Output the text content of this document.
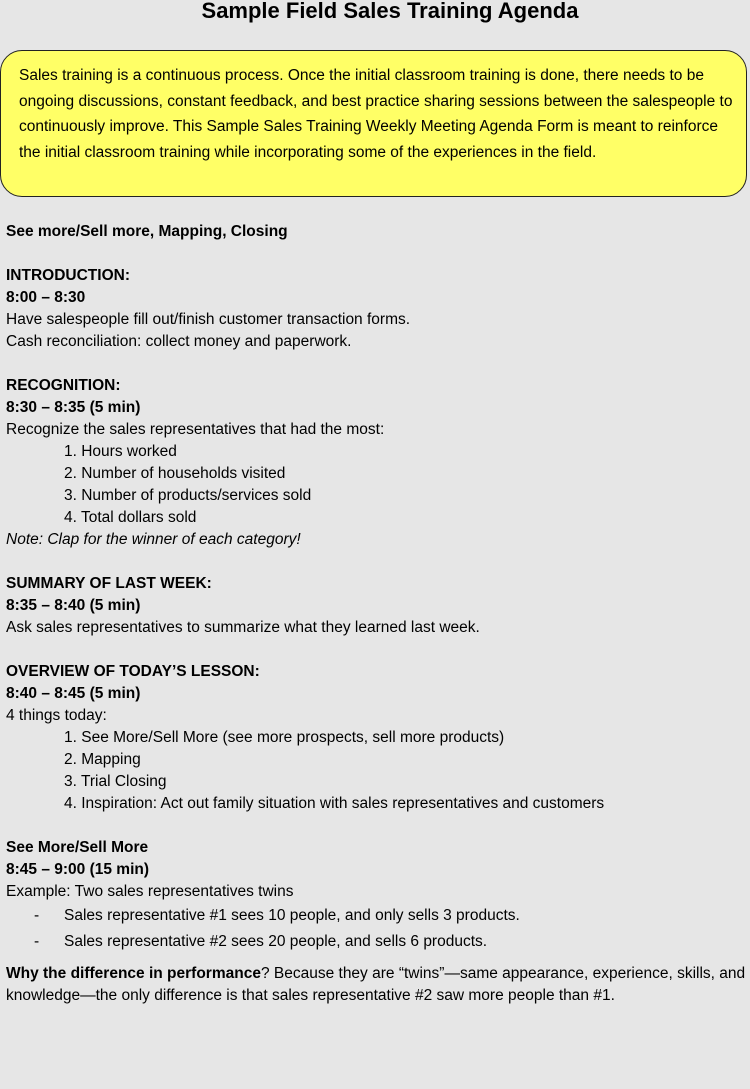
Sample Field Sales Training Agenda
Sales training is a continuous process. Once the initial classroom training is done, there needs to be ongoing discussions, constant feedback, and best practice sharing sessions between the salespeople to continuously improve. This Sample Sales Training Weekly Meeting Agenda Form is meant to reinforce the initial classroom training while incorporating some of the experiences in the field.
See more/Sell more, Mapping, Closing
INTRODUCTION:
8:00 – 8:30
Have salespeople fill out/finish customer transaction forms.
Cash reconciliation: collect money and paperwork.
RECOGNITION:
8:30 – 8:35 (5 min)
Recognize the sales representatives that had the most:
1. Hours worked
2. Number of households visited
3. Number of products/services sold
4. Total dollars sold
Note: Clap for the winner of each category!
SUMMARY OF LAST WEEK:
8:35 – 8:40 (5 min)
Ask sales representatives to summarize what they learned last week.
OVERVIEW OF TODAY’S LESSON:
8:40 – 8:45 (5 min)
4 things today:
1. See More/Sell More (see more prospects, sell more products)
2. Mapping
3. Trial Closing
4. Inspiration: Act out family situation with sales representatives and customers
See More/Sell More
8:45 – 9:00 (15 min)
Example: Two sales representatives twins
- Sales representative #1 sees 10 people, and only sells 3 products.
- Sales representative #2 sees 20 people, and sells 6 products.
Why the difference in performance? Because they are “twins”—same appearance, experience, skills, and knowledge—the only difference is that sales representative #2 saw more people than #1.
